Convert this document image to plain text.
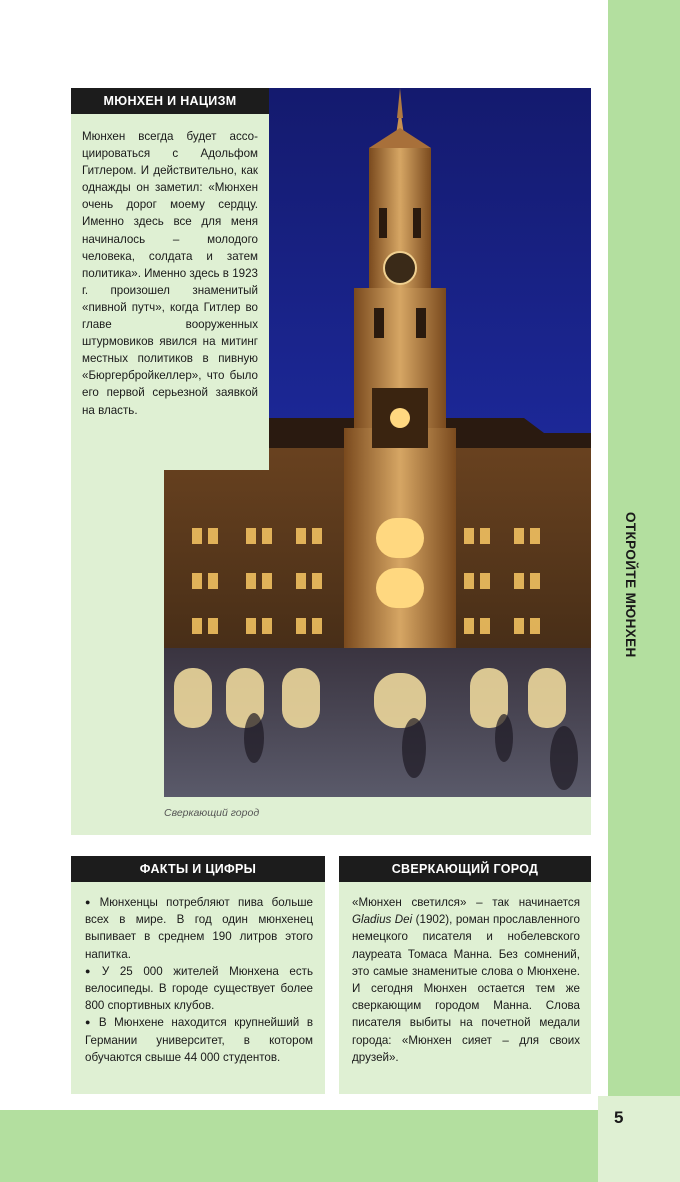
ОТКРОЙТЕ МЮНХЕН
5
Сверкающий город
МЮНХЕН И НАЦИЗМ
Мюнхен всегда будет ассоциироваться с Адольфом Гитлером. И действительно, как однажды он заметил: «Мюнхен очень дорог моему сердцу. Именно здесь все для меня начиналось – молодого человека, солдата и затем политика». Именно здесь в 1923 г. произошел знаменитый «пивной путч», когда Гитлер во главе вооруженных штурмовиков явился на митинг местных политиков в пивную «Бюргербройкеллер», что было его первой серьезной заявкой на власть.
ФАКТЫ И ЦИФРЫ

● Мюнхенцы потребляют пива больше всех в мире. В год один мюнхенец выпивает в среднем 190 литров этого напитка.

● У 25 000 жителей Мюнхена есть велосипеды. В городе существует более 800 спортивных клубов.

● В Мюнхене находится крупнейший в Германии университет, в котором обучаются свыше 44 000 студентов.

СВЕРКАЮЩИЙ ГОРОД
«Мюнхен светился» – так начинается Gladius Dei (1902), роман прославленного немецкого писателя и нобелевского лауреата Томаса Манна. Без сомнений, это самые знаменитые слова о Мюнхене. И сегодня Мюнхен остается тем же сверкающим городом Манна. Слова писателя выбиты на почетной медали города: «Мюнхен сияет – для своих друзей».
